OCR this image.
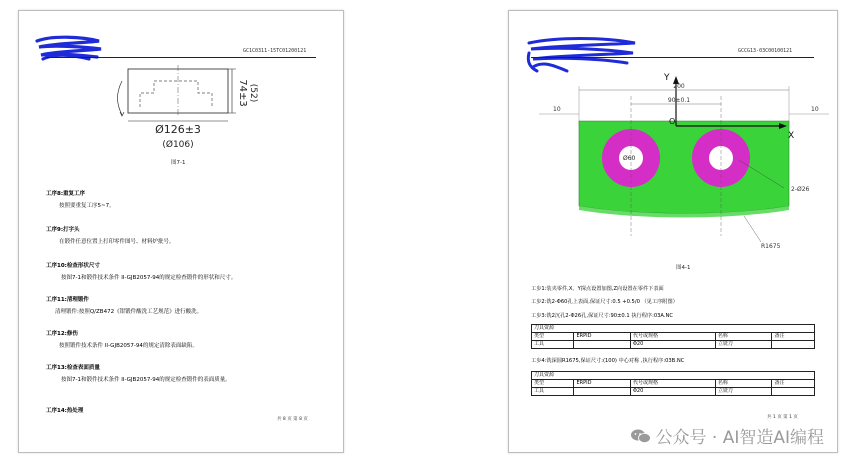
GC1C0311-15TC01200121
74±3 (52)
Ø126±3
(Ø106)
图7-1
工序8:重复工序
按照要重复工序5~7。
工序9:打字头
在锻件任意位置上打印零件图号、材料炉批号。
工序10:检查形状尺寸
按图7-1和锻件技术条件 II-GJB2057-94的规定检查锻件的形状和尺寸。
工序11:清理锻件
清理锻件:按照Q/ZB472《钳锻件酸洗工艺规范》进行酸洗。
工序12:修伤
按照锻件技术条件 II-GJB2057-94的规定清除表面缺陷。
工序13:检查表面质量
按图7-1和锻件技术条件 II-GJB2057-94的规定检查锻件的表面质量。
工序14:热处理
共 8 页 第 8 页
GCCG13-03C00100121
Y
X
O
200
90±0.1
10	10
Ø60
2-Ø26
R1675
图4-1
工步1:装夹零件,X、Y探点设置加图,Z向设置在零件下表面
工步2:铣2-Φ60孔上表面,保证尺寸:0.5 +0.5/0 （见工序附图）
工步3:铣2沉孔2-Φ26孔,保证尺寸:90±0.1 执行程序:03A.NC
刀具资源				
类型	ERPID	代号或规格	名称	备注
工具		Φ20	立铣刀	
工步4:铣深圆R1675,保证尺寸:(100) 中心对称 ,执行程序:03B.NC
刀具资源				
类型	ERPID	代号或规格	名称	备注
工具		Φ20	立铣刀	
共 1 页 第 1 页
公众号 · AI智造AI编程
